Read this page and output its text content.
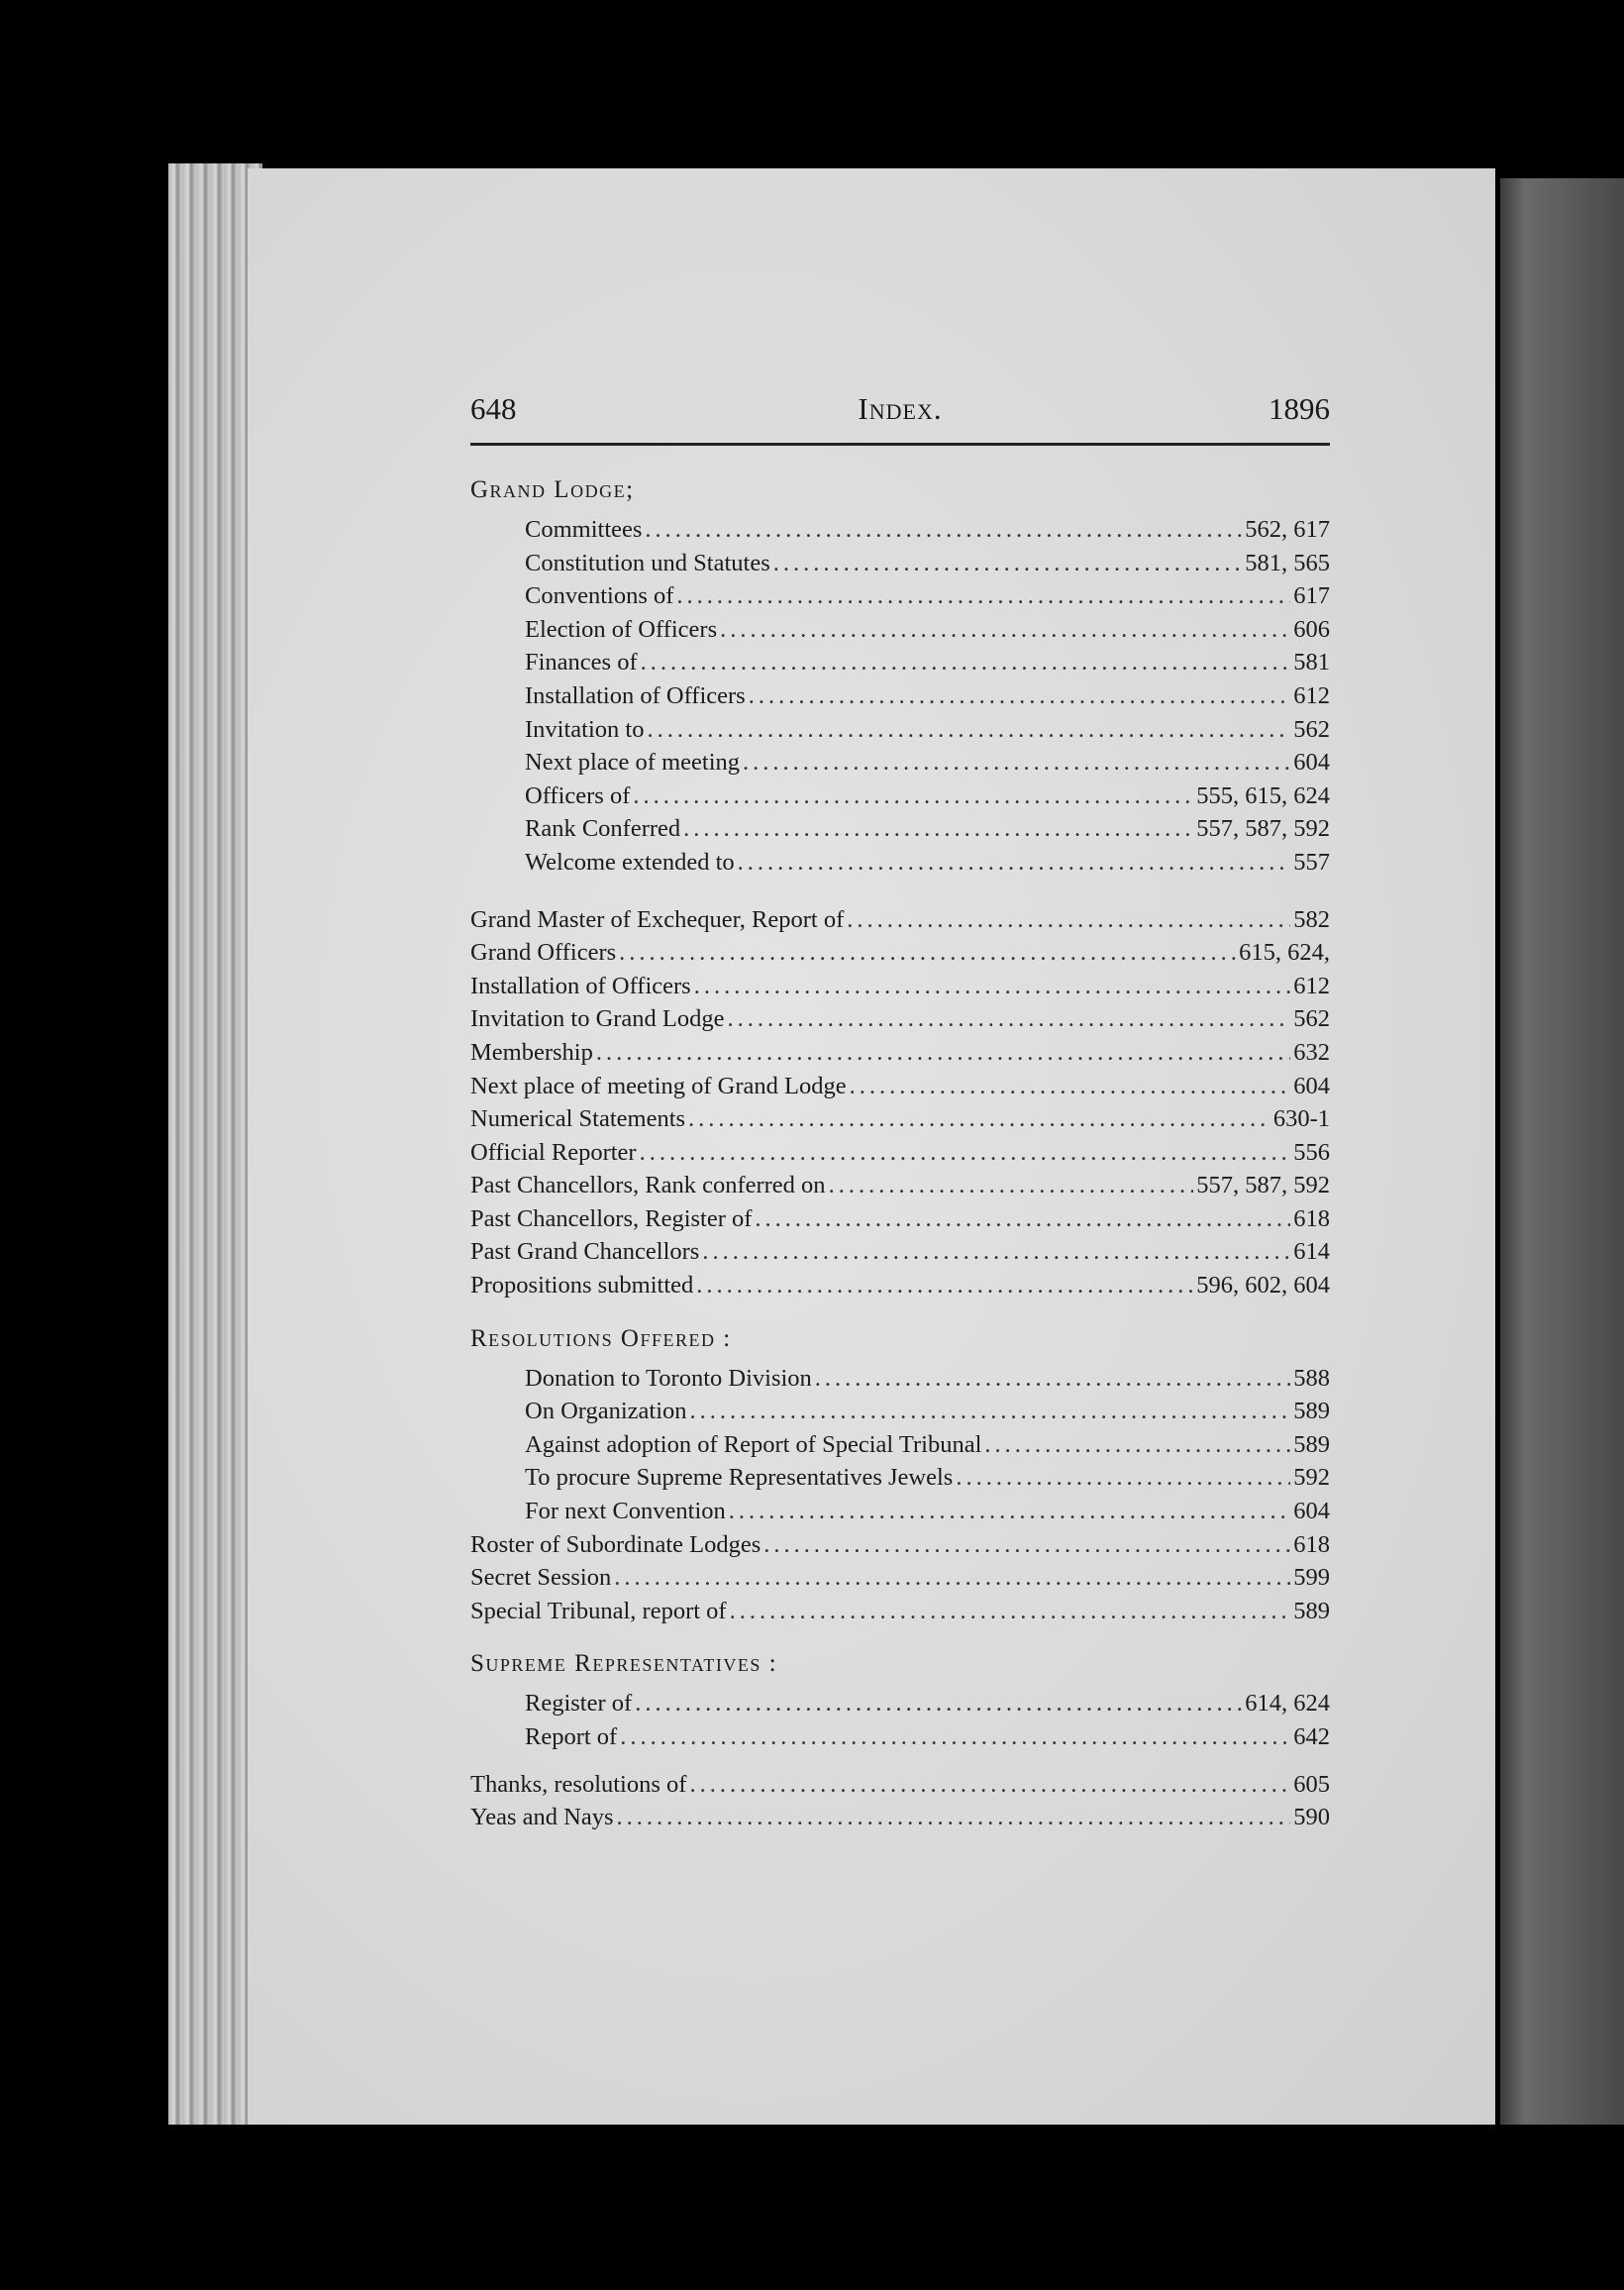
648	Index.	1896
Grand Lodge;
Committees .....	562, 617
Constitution und Statutes .....	581, 565
Conventions of .....	617
Election of Officers .....	606
Finances of .....	581
Installation of Officers .....	612
Invitation to .....	562
Next place of meeting .....	604
Officers of .....	555, 615, 624
Rank Conferred .....	557, 587, 592
Welcome extended to .....	557
Grand Master of Exchequer, Report of .....	582
Grand Officers .....	615, 624,
Installation of Officers .....	612
Invitation to Grand Lodge .....	562
Membership .....	632
Next place of meeting of Grand Lodge .....	604
Numerical Statements .....	630-1
Official Reporter .....	556
Past Chancellors, Rank conferred on .....	557, 587, 592
Past Chancellors, Register of .....	618
Past Grand Chancellors .....	614
Propositions submitted .....	596, 602, 604
Resolutions Offered :
Donation to Toronto Division .....	588
On Organization .....	589
Against adoption of Report of Special Tribunal .....	589
To procure Supreme Representatives Jewels .....	592
For next Convention .....	604
Roster of Subordinate Lodges .....	618
Secret Session .....	599
Special Tribunal, report of .....	589
Supreme Representatives :
Register of .....	614, 624
Report of .....	642
Thanks, resolutions of .....	605
Yeas and Nays .....	590
